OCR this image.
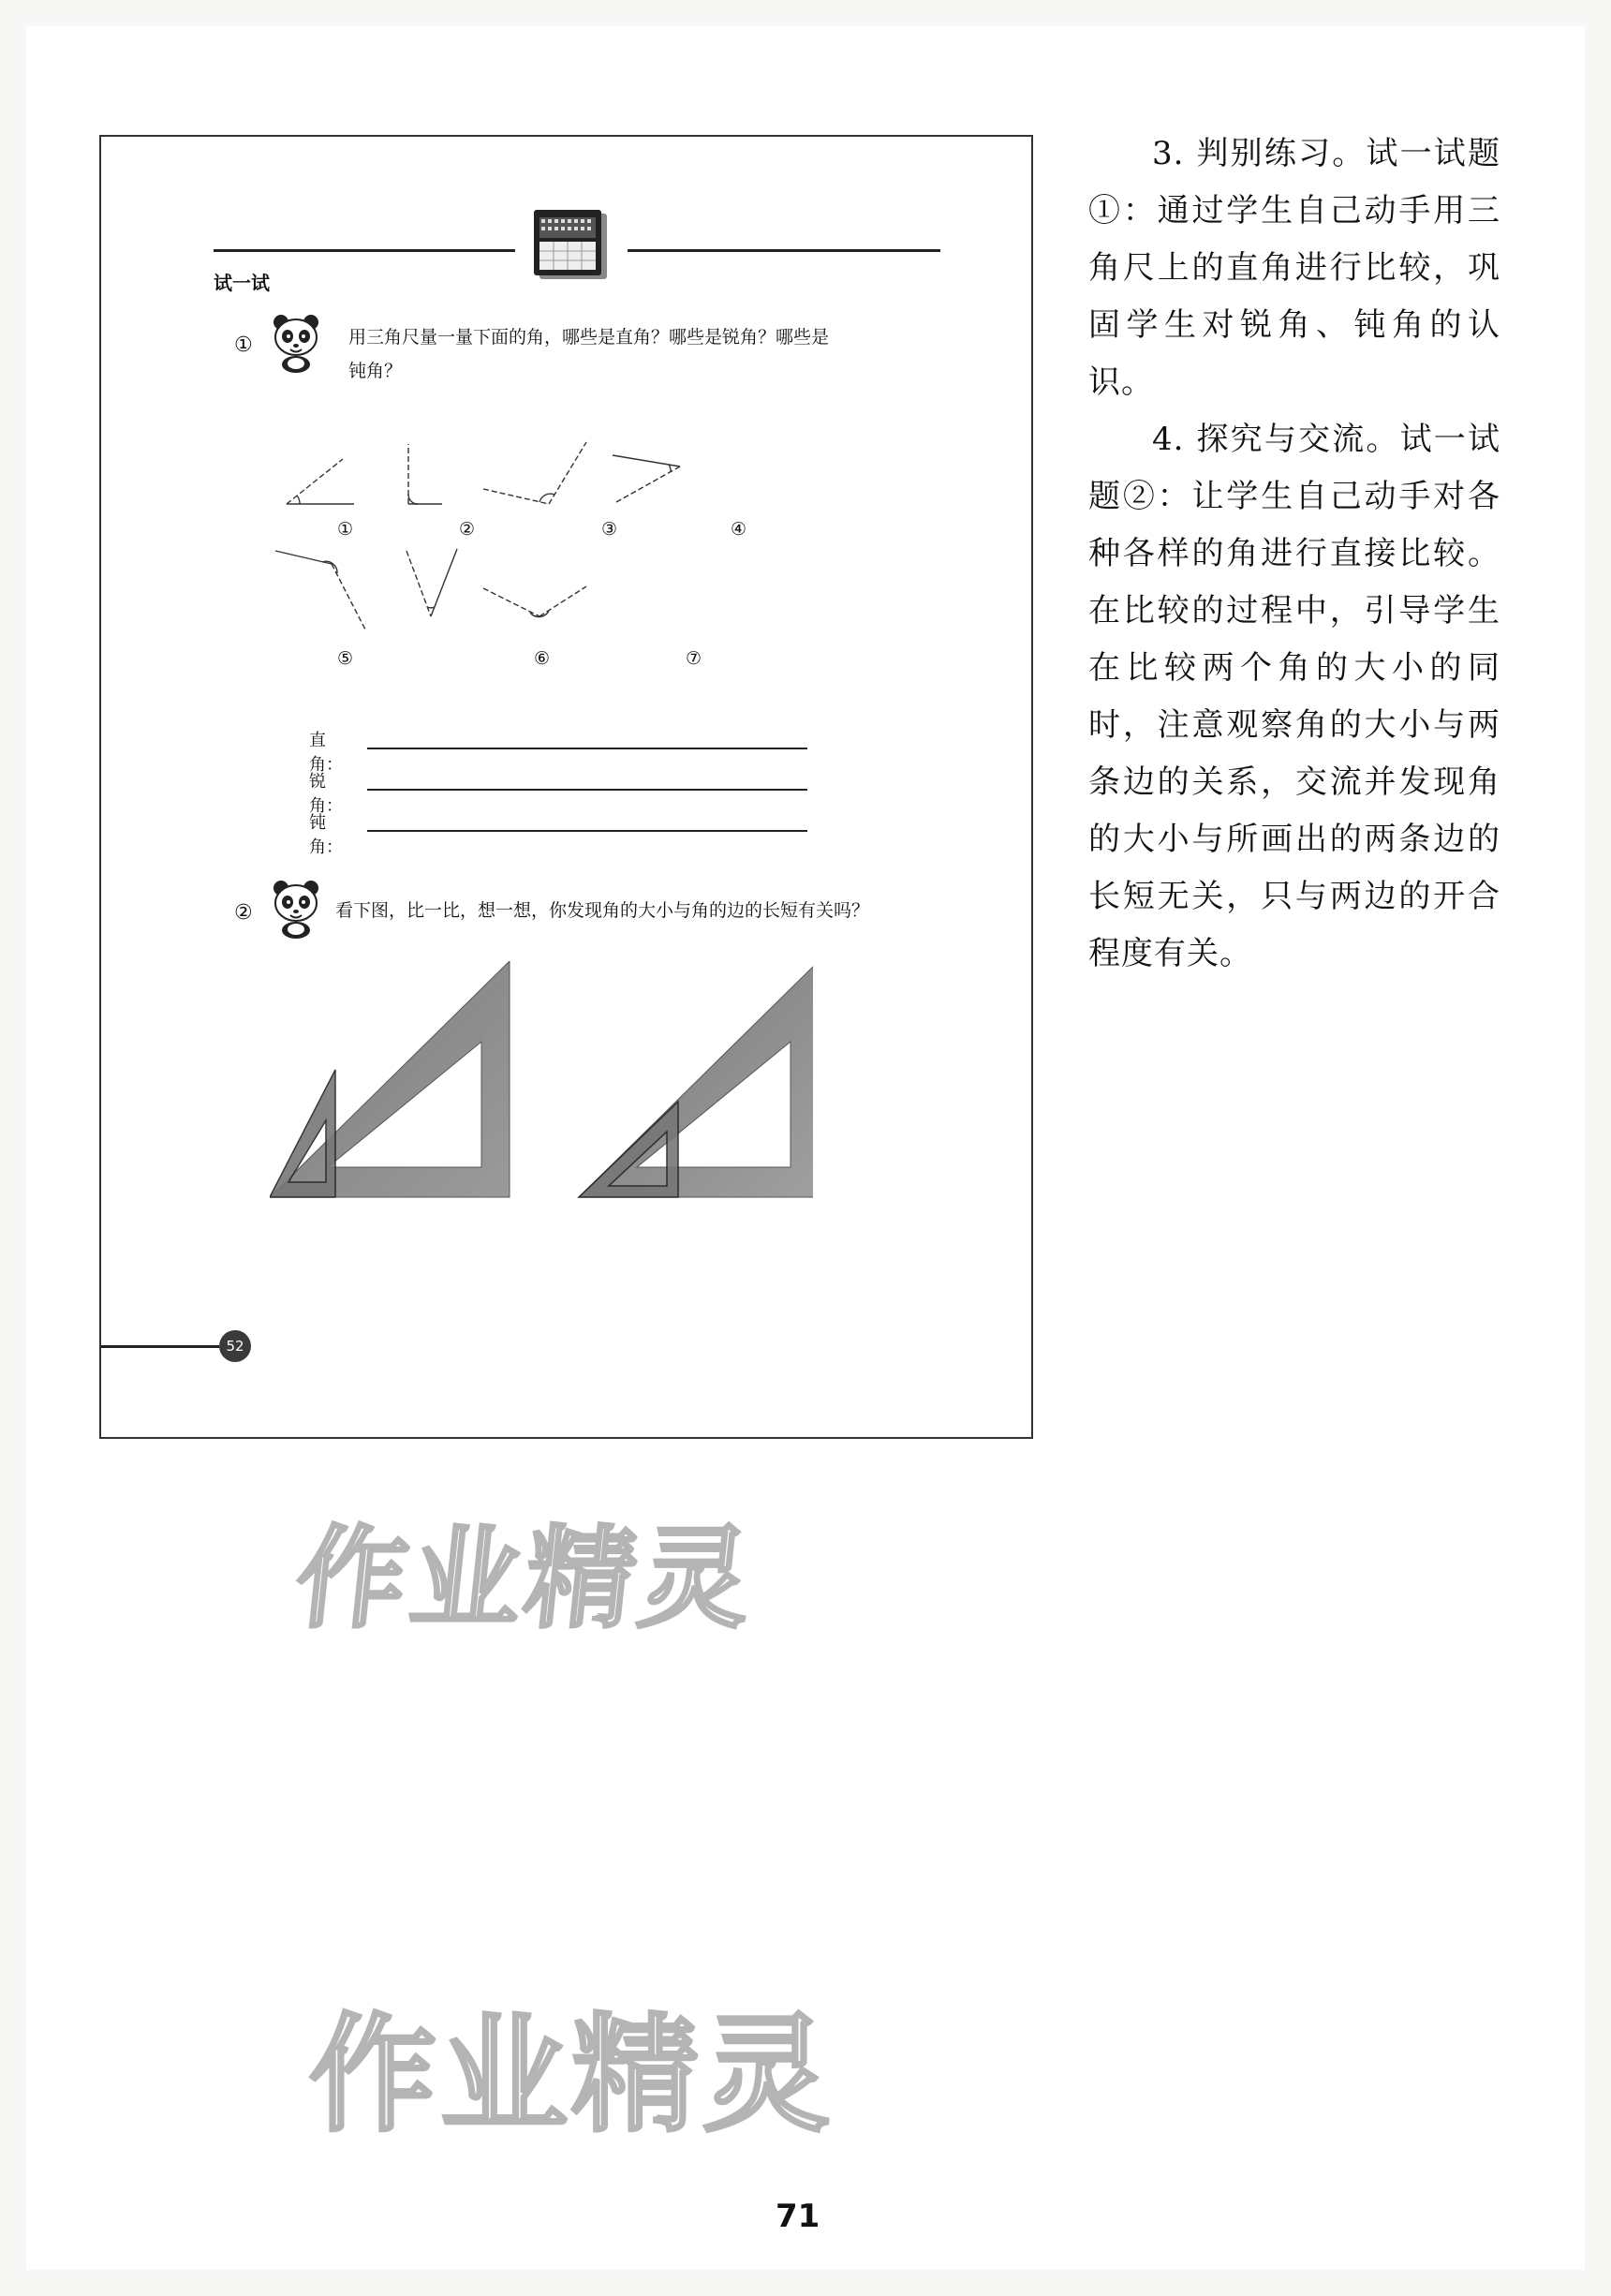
试一试
①	用三角尺量一量下面的角，哪些是直角？哪些是锐角？哪些是
钝角？
①	②	③	④
⑤	⑥	⑦
直角：
锐角：
钝角：
②	看下图，比一比，想一想，你发现角的大小与角的边的长短有关吗？
52

3. 判别练习。试一试题①：通过学生自己动手用三角尺上的直角进行比较，巩固学生对锐角、钝角的认识。

4. 探究与交流。试一试题②：让学生自己动手对各种各样的角进行直接比较。在比较的过程中，引导学生在比较两个角的大小的同时，注意观察角的大小与两条边的关系，交流并发现角的大小与所画出的两条边的长短无关，只与两边的开合程度有关。

作业精灵
作业精灵
71
